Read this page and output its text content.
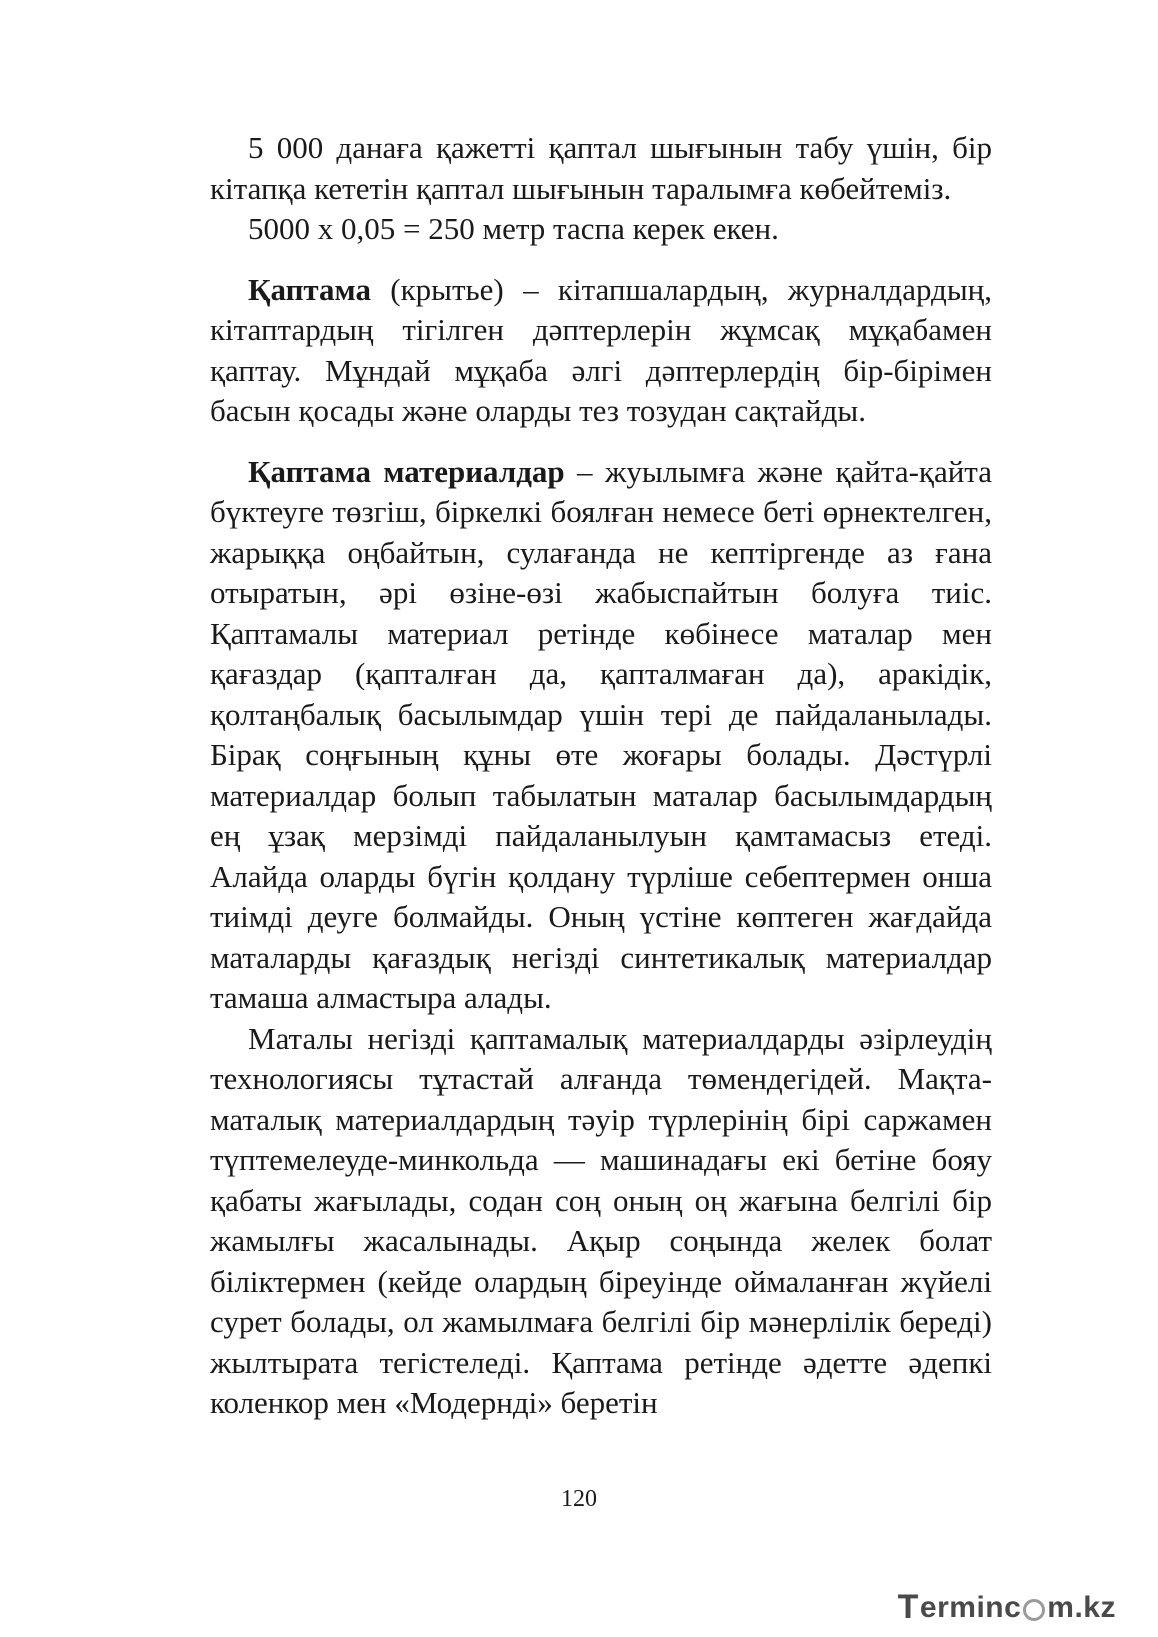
5 000 данаға қажетті қаптал шығынын табу үшін, бір кітапқа кететін қаптал шығынын таралымға көбейтеміз.

5000 х 0,05 = 250 метр таспа керек екен.

Қаптама (крытье) – кітапшалардың, журналдардың, кітаптардың тігілген дәптерлерін жұмсақ мұқабамен қаптау. Мұндай мұқаба әлгі дәптерлердің бір-бірімен басын қосады және оларды тез тозудан сақтайды.

Қаптама материалдар – жуылымға және қайта-қайта бүктеуге төзгіш, біркелкі боялған немесе беті өрнектелген, жарыққа оңбайтын, сулағанда не кептіргенде аз ғана отыратын, әрі өзіне-өзі жабыспайтын болуға тиіс. Қаптамалы материал ретінде көбінесе маталар мен қағаздар (қапталған да, қапталмаған да), аракідік, қолтаңбалық басылымдар үшін тері де пайдаланылады. Бірақ соңғының құны өте жоғары болады. Дәстүрлі материалдар болып табылатын маталар басылымдардың ең ұзақ мерзімді пайдаланылуын қамтамасыз етеді. Алайда оларды бүгін қолдану түрліше себептермен онша тиімді деуге болмайды. Оның үстіне көптеген жағдайда маталарды қағаздық негізді синтетикалық материалдар тамаша алмастыра алады.

Маталы негізді қаптамалық материалдарды әзірлеудің технологиясы тұтастай алғанда төмендегідей. Мақта-маталық материалдардың тәуір түрлерінің бірі саржамен түптемелеуде-минкольда — машинадағы екі бетіне бояу қабаты жағылады, содан соң оның оң жағына белгілі бір жамылғы жасалынады. Ақыр соңында желек болат біліктермен (кейде олардың біреуінде оймаланған жүйелі сурет болады, ол жамылмаға белгілі бір мәнерлілік береді) жылтырата тегістеледі. Қаптама ретінде әдетте әдепкі коленкор мен «Модернді» беретін

120
T erminc m.kz
